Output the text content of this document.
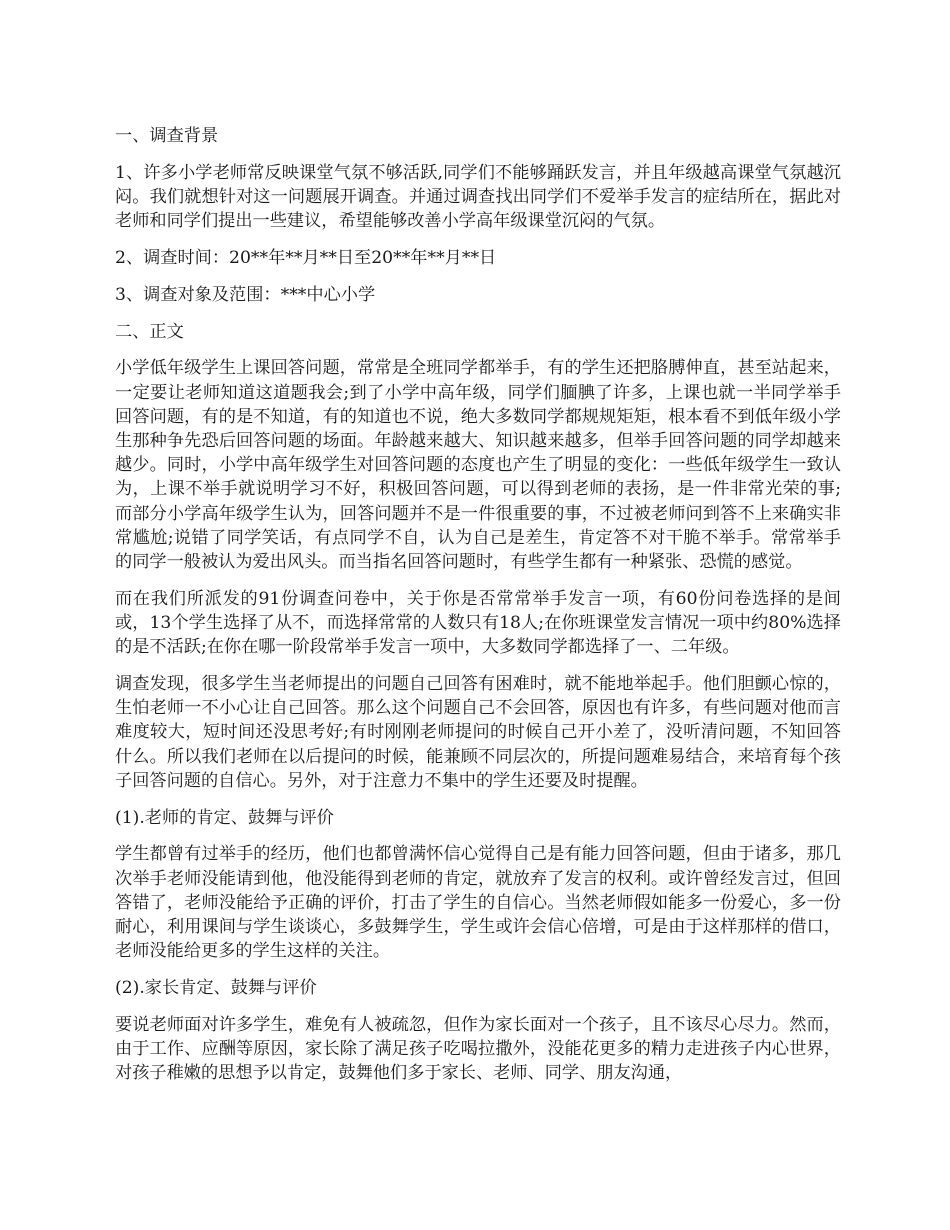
一、调查背景

1、许多小学老师常反映课堂气氛不够活跃,同学们不能够踊跃发言，并且年级越高课堂气氛越沉闷。我们就想针对这一问题展开调查。并通过调查找出同学们不爱举手发言的症结所在，据此对老师和同学们提出一些建议，希望能够改善小学高年级课堂沉闷的气氛。

2、调查时间：20**年**月**日至20**年**月**日

3、调查对象及范围：***中心小学

二、正文

小学低年级学生上课回答问题，常常是全班同学都举手，有的学生还把胳膊伸直，甚至站起来，一定要让老师知道这道题我会;到了小学中高年级，同学们腼腆了许多，上课也就一半同学举手回答问题，有的是不知道，有的知道也不说，绝大多数同学都规规矩矩，根本看不到低年级小学生那种争先恐后回答问题的场面。年龄越来越大、知识越来越多，但举手回答问题的同学却越来越少。同时，小学中高年级学生对回答问题的态度也产生了明显的变化：一些低年级学生一致认为，上课不举手就说明学习不好，积极回答问题，可以得到老师的表扬，是一件非常光荣的事;而部分小学高年级学生认为，回答问题并不是一件很重要的事，不过被老师问到答不上来确实非常尴尬;说错了同学笑话，有点同学不自，认为自己是差生，肯定答不对干脆不举手。常常举手的同学一般被认为爱出风头。而当指名回答问题时，有些学生都有一种紧张、恐慌的感觉。

而在我们所派发的91份调查问卷中，关于你是否常常举手发言一项，有60份问卷选择的是间或，13个学生选择了从不，而选择常常的人数只有18人;在你班课堂发言情况一项中约80%选择的是不活跃;在你在哪一阶段常举手发言一项中，大多数同学都选择了一、二年级。

调查发现，很多学生当老师提出的问题自己回答有困难时，就不能地举起手。他们胆颤心惊的，生怕老师一不小心让自己回答。那么这个问题自己不会回答，原因也有许多，有些问题对他而言难度较大，短时间还没思考好;有时刚刚老师提问的时候自己开小差了，没听清问题，不知回答什么。所以我们老师在以后提问的时候，能兼顾不同层次的，所提问题难易结合，来培育每个孩子回答问题的自信心。另外，对于注意力不集中的学生还要及时提醒。

(1).老师的肯定、鼓舞与评价

学生都曾有过举手的经历，他们也都曾满怀信心觉得自己是有能力回答问题，但由于诸多，那几次举手老师没能请到他，他没能得到老师的肯定，就放弃了发言的权利。或许曾经发言过，但回答错了，老师没能给予正确的评价，打击了学生的自信心。当然老师假如能多一份爱心，多一份耐心，利用课间与学生谈谈心，多鼓舞学生，学生或许会信心倍增，可是由于这样那样的借口，老师没能给更多的学生这样的关注。

(2).家长肯定、鼓舞与评价

要说老师面对许多学生，难免有人被疏忽，但作为家长面对一个孩子，且不该尽心尽力。然而，由于工作、应酬等原因，家长除了满足孩子吃喝拉撒外，没能花更多的精力走进孩子内心世界，对孩子稚嫩的思想予以肯定，鼓舞他们多于家长、老师、同学、朋友沟通，
